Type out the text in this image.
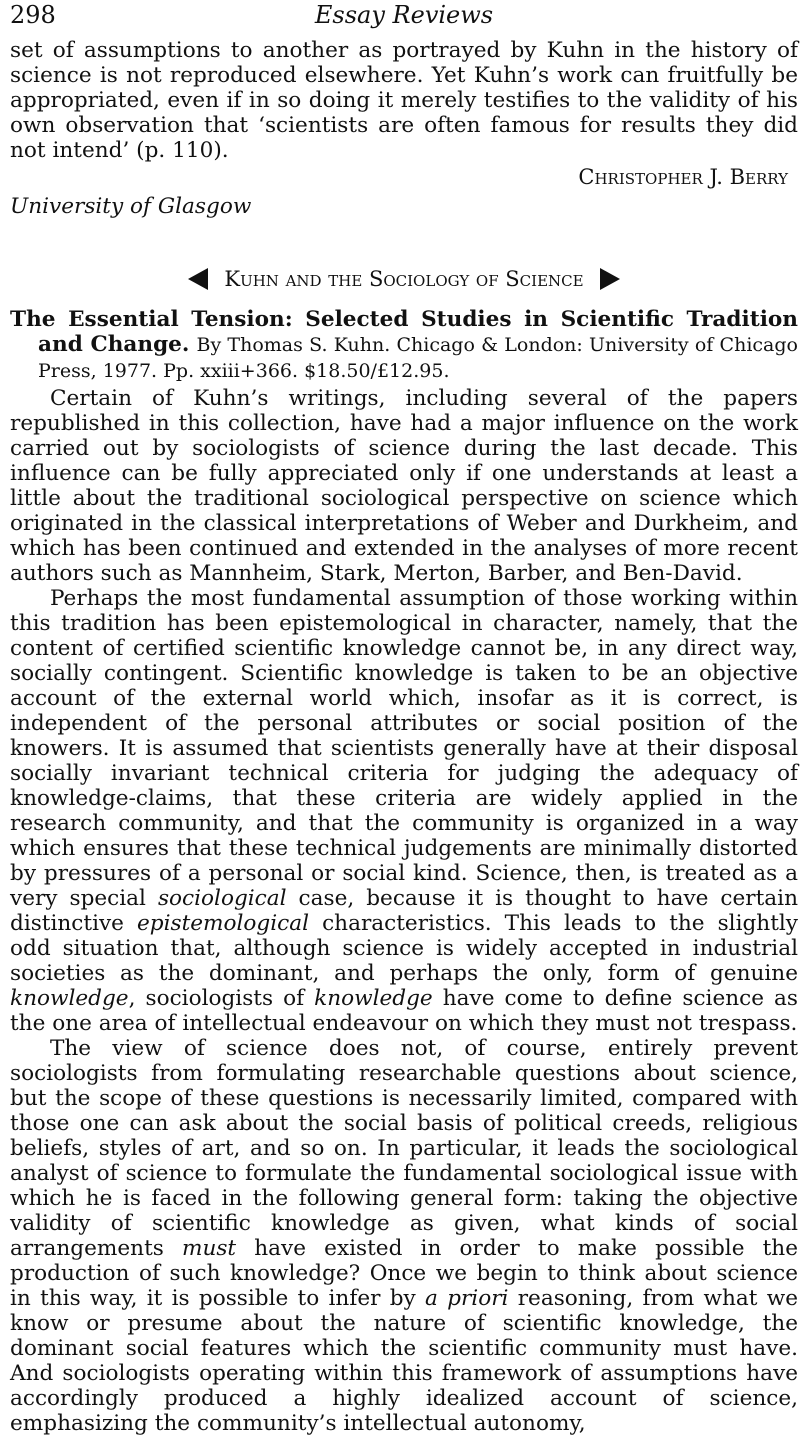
298	Essay Reviews

set of assumptions to another as portrayed by Kuhn in the history of science is not reproduced elsewhere. Yet Kuhn’s work can fruitfully be appropriated, even if in so doing it merely testifies to the validity of his own observation that ‘scientists are often famous for results they did not intend’ (p. 110).

Christopher J. Berry
University of Glasgow
Kuhn and the Sociology of Science

The Essential Tension: Selected Studies in Scientific Tradition and Change. By Thomas S. Kuhn. Chicago & London: University of Chicago Press, 1977. Pp. xxiii+366. $18.50/£12.95.

Certain of Kuhn’s writings, including several of the papers republished in this collection, have had a major influence on the work carried out by sociologists of science during the last decade. This influence can be fully appreciated only if one understands at least a little about the traditional sociological perspective on science which originated in the classical interpretations of Weber and Durkheim, and which has been continued and extended in the analyses of more recent authors such as Mannheim, Stark, Merton, Barber, and Ben-David.

Perhaps the most fundamental assumption of those working within this tradition has been epistemological in character, namely, that the content of certified scientific knowledge cannot be, in any direct way, socially contingent. Scientific knowledge is taken to be an objective account of the external world which, insofar as it is correct, is independent of the personal attributes or social position of the knowers. It is assumed that scientists generally have at their disposal socially invariant technical criteria for judging the adequacy of knowledge-claims, that these criteria are widely applied in the research community, and that the community is organized in a way which ensures that these technical judgements are minimally distorted by pressures of a personal or social kind. Science, then, is treated as a very special sociological case, because it is thought to have certain distinctive epistemological characteristics. This leads to the slightly odd situation that, although science is widely accepted in industrial societies as the dominant, and perhaps the only, form of genuine knowledge, sociologists of knowledge have come to define science as the one area of intellectual endeavour on which they must not trespass.

The view of science does not, of course, entirely prevent sociologists from formulating researchable questions about science, but the scope of these questions is necessarily limited, compared with those one can ask about the social basis of political creeds, religious beliefs, styles of art, and so on. In particular, it leads the sociological analyst of science to formulate the fundamental sociological issue with which he is faced in the following general form: taking the objective validity of scientific knowledge as given, what kinds of social arrangements must have existed in order to make possible the production of such knowledge? Once we begin to think about science in this way, it is possible to infer by a priori reasoning, from what we know or presume about the nature of scientific knowledge, the dominant social features which the scientific community must have. And sociologists operating within this framework of assumptions have accordingly produced a highly idealized account of science, emphasizing the community’s intellectual autonomy,
